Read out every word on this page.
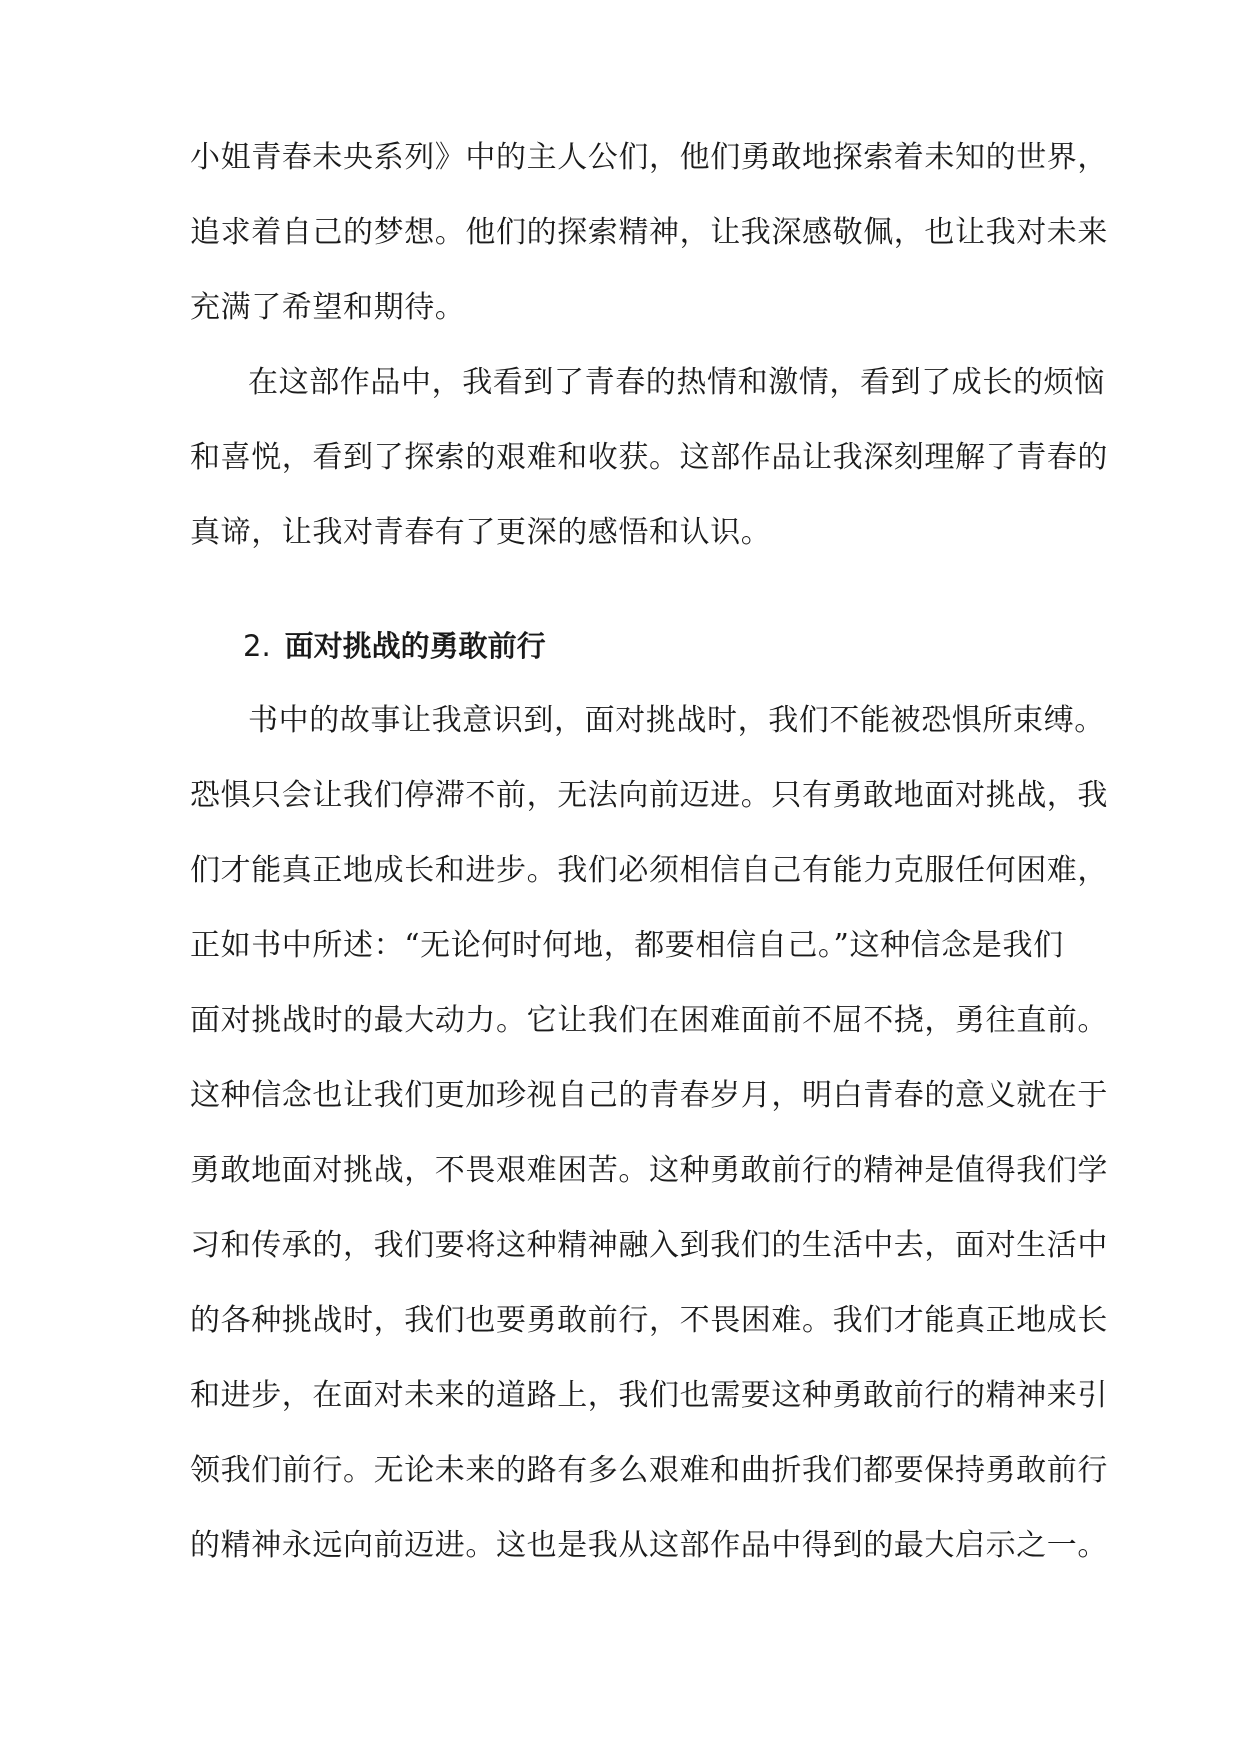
小姐青春未央系列》中的主人公们，他们勇敢地探索着未知的世界，
追求着自己的梦想。他们的探索精神，让我深感敬佩，也让我对未来
充满了希望和期待。
在这部作品中，我看到了青春的热情和激情，看到了成长的烦恼
和喜悦，看到了探索的艰难和收获。这部作品让我深刻理解了青春的
真谛，让我对青春有了更深的感悟和认识。
2. 面对挑战的勇敢前行
书中的故事让我意识到，面对挑战时，我们不能被恐惧所束缚。
恐惧只会让我们停滞不前，无法向前迈进。只有勇敢地面对挑战，我
们才能真正地成长和进步。我们必须相信自己有能力克服任何困难，
正如书中所述：“无论何时何地，都要相信自己。”这种信念是我们
面对挑战时的最大动力。它让我们在困难面前不屈不挠，勇往直前。
这种信念也让我们更加珍视自己的青春岁月，明白青春的意义就在于
勇敢地面对挑战，不畏艰难困苦。这种勇敢前行的精神是值得我们学
习和传承的，我们要将这种精神融入到我们的生活中去，面对生活中
的各种挑战时，我们也要勇敢前行，不畏困难。我们才能真正地成长
和进步，在面对未来的道路上，我们也需要这种勇敢前行的精神来引
领我们前行。无论未来的路有多么艰难和曲折我们都要保持勇敢前行
的精神永远向前迈进。这也是我从这部作品中得到的最大启示之一。
